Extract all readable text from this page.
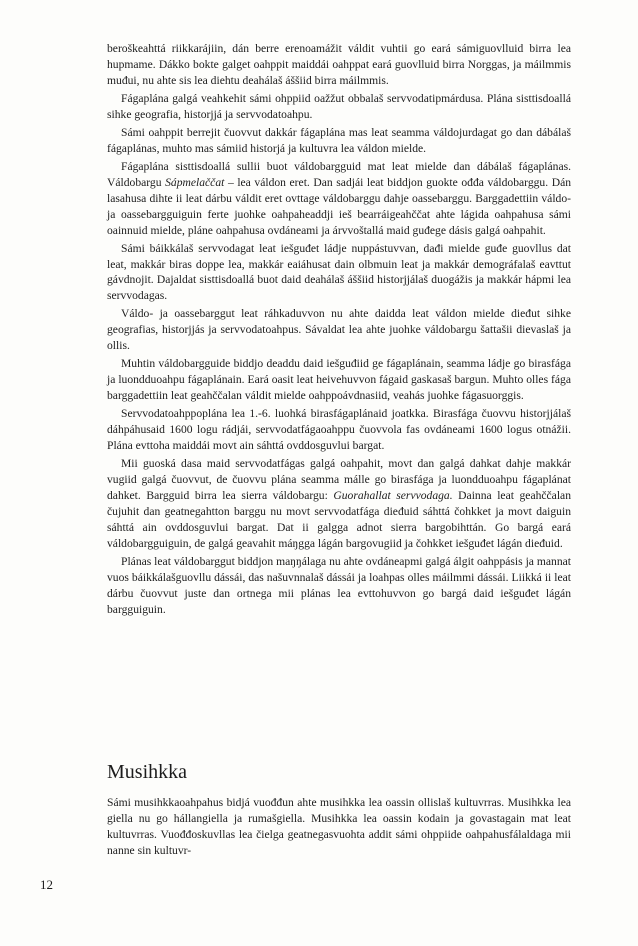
beroškeahttá riikkarájiin, dán berre erenoamážit váldit vuhtii go eará sámiguovlluid birra lea hupmame. Dákko bokte galget oahppit maiddái oahppat eará guovlluid birra Norggas, ja máilmmis muđui, nu ahte sis lea diehtu deahálaš áššiid birra máilmmis.

Fágaplána galgá veahkehit sámi ohppiid oažžut obbalaš servvodatipmárdusa. Plána sisttisdoallá sihke geografia, historjjá ja servvodatoahpu.

Sámi oahppit berrejit čuovvut dakkár fágaplána mas leat seamma váldojurdagat go dan dábálaš fágaplánas, muhto mas sámiid historjá ja kultuvra lea váldon mielde.

Fágaplána sisttisdoallá sullii buot váldobargguid mat leat mielde dan dábálaš fágaplánas. Váldobargu Sápmelaččat – lea váldon eret. Dan sadjái leat biddjon guokte ođđa váldobarggu. Dán lasahusa dihte ii leat dárbu váldit eret ovttage váldobarggu dahje oassebarggu. Barggadettiin váldo- ja oassebargguiguin ferte juohke oahpaheaddji ieš bearráigeahččat ahte lágida oahpahusa sámi oainnuid mielde, pláne oahpahusa ovdáneami ja árvvoštallá maid guđege dásis galgá oahpahit.

Sámi báikkálaš servvodagat leat iešguđet ládje nuppástuvvan, dađi mielde guđe guovllus dat leat, makkár biras doppe lea, makkár eaiáhusat dain olbmuin leat ja makkár demográfalaš eavttut gávdnojit. Dajaldat sisttisdoallá buot daid deahálaš áššiid historjjálaš duogážis ja makkár hápmi lea servvodagas.

Váldo- ja oassebarggut leat ráhkaduvvon nu ahte daidda leat váldon mielde dieđut sihke geografias, historjjás ja servvodatoahpus. Sávaldat lea ahte juohke váldobargu šattašii dievaslaš ja ollis.

Muhtin váldobargguide biddjo deaddu daid iešguđiid ge fágaplánain, seamma ládje go birasfága ja luondduoahpu fágaplánain. Eará oasit leat heivehuvvon fágaid gaskasaš bargun. Muhto olles fága barggadettiin leat geahččalan váldit mielde oahppoávdnasiid, veahás juohke fágasuorggis.

Servvodatoahppoplána lea 1.-6. luohká birasfágaplánaid joatkka. Birasfága čuovvu historjjálaš dáhpáhusaid 1600 logu rádjái, servvodatfágaoahppu čuovvola fas ovdáneami 1600 logus otnážii. Plána evttoha maiddái movt ain sáhttá ovddosguvlui bargat.

Mii guoská dasa maid servvodatfágas galgá oahpahit, movt dan galgá dahkat dahje makkár vugiid galgá čuovvut, de čuovvu plána seamma málle go birasfága ja luondduoahpu fágaplánat dahket. Bargguid birra lea sierra váldobargu: Guorahallat servvodaga. Dainna leat geahččalan čujuhit dan geatnegahtton barggu nu movt servvodatfága dieđuid sáhttá čohkket ja movt daiguin sáhttá ain ovddosguvlui bargat. Dat ii galgga adnot sierra bargobihttán. Go bargá eará váldobargguiguin, de galgá geavahit máŋgga lágán bargovugiid ja čohkket iešguđet lágán dieđuid.

Plánas leat váldobarggut biddjon maŋŋálaga nu ahte ovdáneapmi galgá álgit oahppásis ja mannat vuos báikkálašguovllu dássái, das našuvnnalaš dássái ja loahpas olles máilmmi dássái. Liikká ii leat dárbu čuovvut juste dan ortnega mii plánas lea evttohuvvon go bargá daid iešguđet lágán bargguiguin.

Musihkka

Sámi musihkkaoahpahus bidjá vuođđun ahte musihkka lea oassin ollislaš kultuvrras. Musihkka lea giella nu go hállangiella ja rumašgiella. Musihkka lea oassin kodain ja govastagain mat leat kultuvrras. Vuođđoskuvllas lea čielga geatnegasvuohta addit sámi ohppiide oahpahusfálaldaga mii nanne sin kultuvr-

12
